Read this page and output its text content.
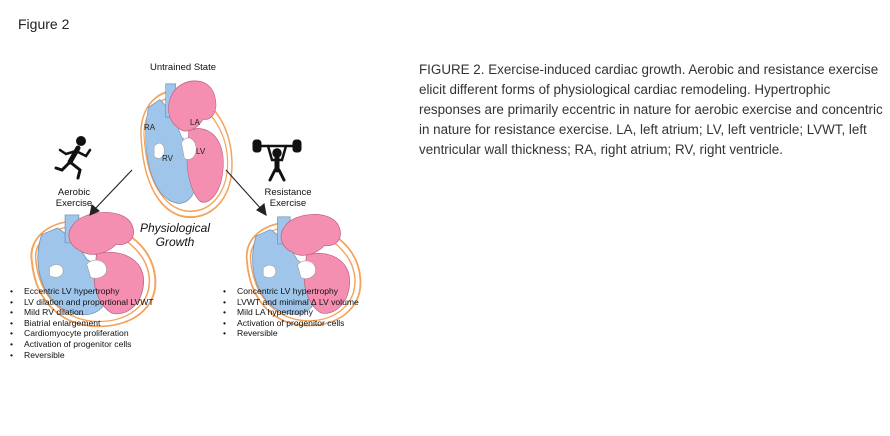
Figure 2
RA
LA
RV
LV
Untrained State
Aerobic
Exercise
Resistance
Exercise
Physiological
Growth
• Eccentric LV hypertrophy
• LV dilation and proportional LVWT
• Mild RV dilation
• Biatrial enlargement
• Cardiomyocyte proliferation
• Activation of progenitor cells
• Reversible
• Concentric LV hypertrophy
• LVWT and minimal ∆ LV volume
• Mild LA hypertrophy
• Activation of progenitor cells
• Reversible
FIGURE 2. Exercise-induced cardiac growth. Aerobic and resistance exercise elicit different forms of physiological cardiac remodeling. Hypertrophic responses are primarily eccentric in nature for aerobic exercise and concentric in nature for resistance exercise. LA, left atrium; LV, left ventricle; LVWT, left ventricular wall thickness; RA, right atrium; RV, right ventricle.
